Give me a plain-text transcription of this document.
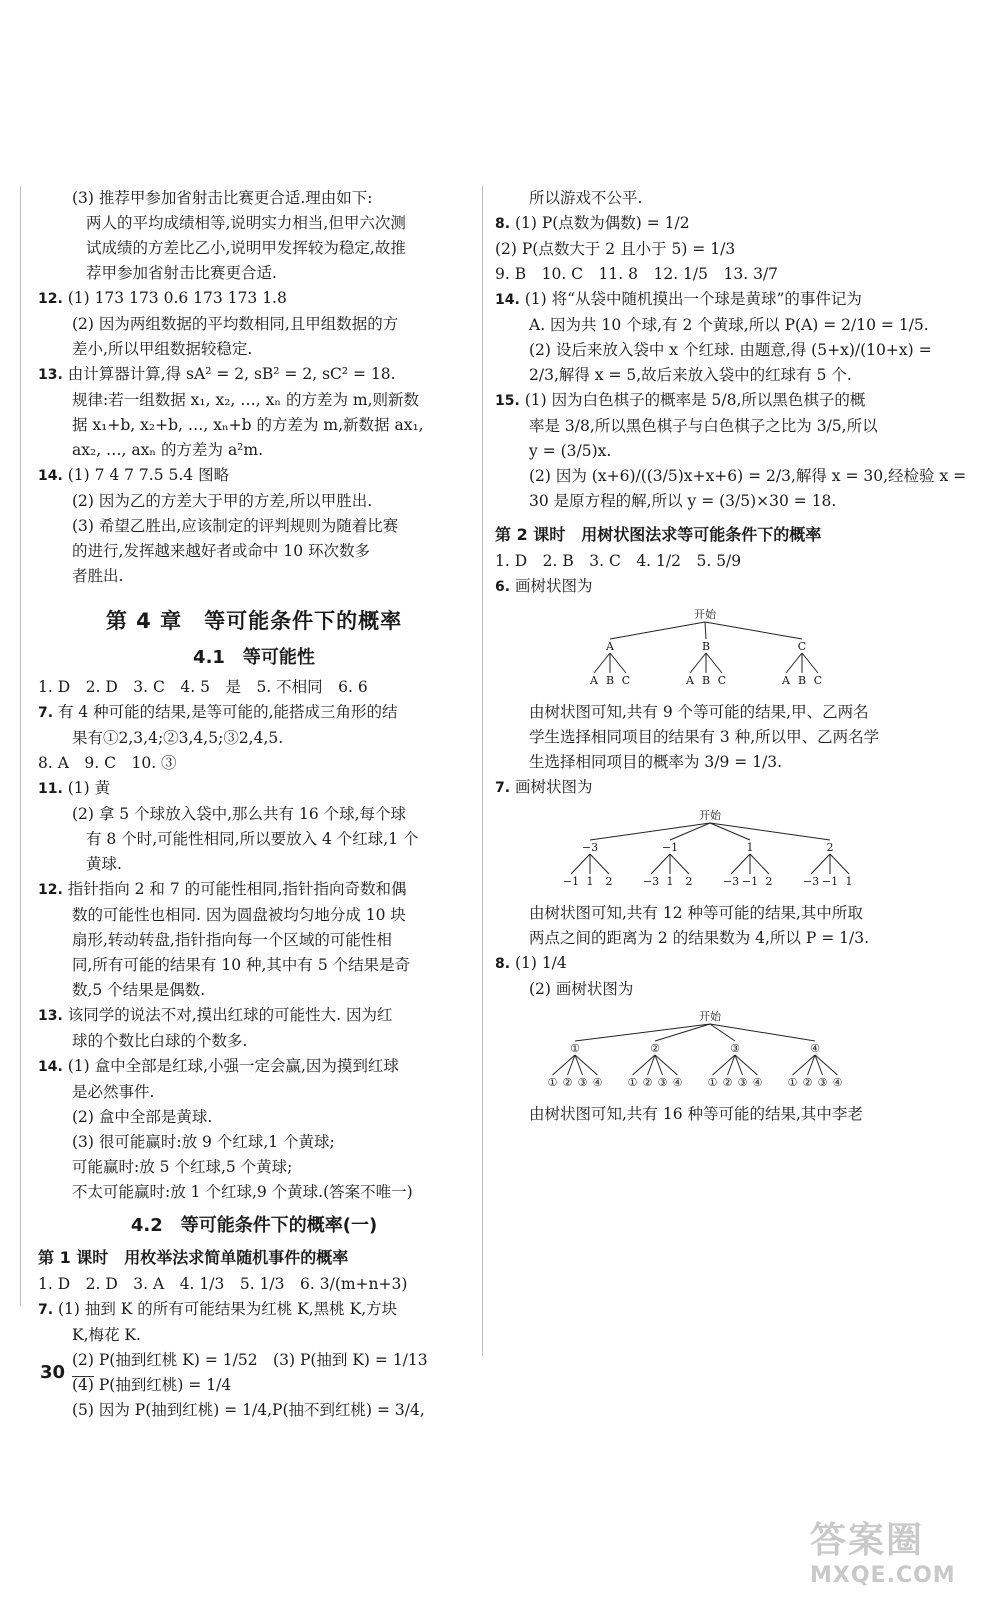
(3) 推荐甲参加省射击比赛更合适.理由如下:
两人的平均成绩相等,说明实力相当,但甲六次测
试成绩的方差比乙小,说明甲发挥较为稳定,故推
荐甲参加省射击比赛更合适.
12. (1) 173 173 0.6 173 173 1.8
(2) 因为两组数据的平均数相同,且甲组数据的方
差小,所以甲组数据较稳定.
13. 由计算器计算,得 sA² = 2, sB² = 2, sC² = 18.
规律:若一组数据 x₁, x₂, …, xₙ 的方差为 m,则新数
据 x₁+b, x₂+b, …, xₙ+b 的方差为 m,新数据 ax₁,
ax₂, …, axₙ 的方差为 a²m.
14. (1) 7 4 7 7.5 5.4 图略
(2) 因为乙的方差大于甲的方差,所以甲胜出.
(3) 希望乙胜出,应该制定的评判规则为随着比赛
的进行,发挥越来越好者或命中 10 环次数多
者胜出.
第 4 章　等可能条件下的概率
4.1　等可能性
1. D　2. D　3. C　4. 5　是　5. 不相同　6. 6
7. 有 4 种可能的结果,是等可能的,能搭成三角形的结
果有①2,3,4;②3,4,5;③2,4,5.
8. A　9. C　10. ③
11. (1) 黄
(2) 拿 5 个球放入袋中,那么共有 16 个球,每个球
有 8 个时,可能性相同,所以要放入 4 个红球,1 个
黄球.
12. 指针指向 2 和 7 的可能性相同,指针指向奇数和偶
数的可能性也相同. 因为圆盘被均匀地分成 10 块
扇形,转动转盘,指针指向每一个区域的可能性相
同,所有可能的结果有 10 种,其中有 5 个结果是奇
数,5 个结果是偶数.
13. 该同学的说法不对,摸出红球的可能性大. 因为红
球的个数比白球的个数多.
14. (1) 盒中全部是红球,小强一定会赢,因为摸到红球
是必然事件.
(2) 盒中全部是黄球.
(3) 很可能赢时:放 9 个红球,1 个黄球;
可能赢时:放 5 个红球,5 个黄球;
不太可能赢时:放 1 个红球,9 个黄球.(答案不唯一)
4.2　等可能条件下的概率(一)
第 1 课时　用枚举法求简单随机事件的概率
1. D　2. D　3. A　4. 1/3　5. 1/3　6. 3/(m+n+3)
7. (1) 抽到 K 的所有可能结果为红桃 K,黑桃 K,方块
K,梅花 K.
(2) P(抽到红桃 K) = 1/52　(3) P(抽到 K) = 1/13
(4) P(抽到红桃) = 1/4
(5) 因为 P(抽到红桃) = 1/4,P(抽不到红桃) = 3/4,
所以游戏不公平.
8. (1) P(点数为偶数) = 1/2
(2) P(点数大于 2 且小于 5) = 1/3
9. B　10. C　11. 8　12. 1/5　13. 3/7
14. (1) 将“从袋中随机摸出一个球是黄球”的事件记为
A. 因为共 10 个球,有 2 个黄球,所以 P(A) = 2/10 = 1/5.
(2) 设后来放入袋中 x 个红球. 由题意,得 (5+x)/(10+x) =
2/3,解得 x = 5,故后来放入袋中的红球有 5 个.
15. (1) 因为白色棋子的概率是 5/8,所以黑色棋子的概
率是 3/8,所以黑色棋子与白色棋子之比为 3/5,所以
y = (3/5)x.
(2) 因为 (x+6)/((3/5)x+x+6) = 2/3,解得 x = 30,经检验 x =
30 是原方程的解,所以 y = (3/5)×30 = 18.
第 2 课时　用树状图法求等可能条件下的概率
1. D　2. B　3. C　4. 1/2　5. 5/9
6. 画树状图为
开始
A
A B C
B
A B C
C
A B C
由树状图可知,共有 9 个等可能的结果,甲、乙两名
学生选择相同项目的结果有 3 种,所以甲、乙两名学
生选择相同项目的概率为 3/9 = 1/3.
7. 画树状图为
开始
−3
−1 1 2
−1
−3 1 2
1
−3 −1 2
2
−3 −1 1
由树状图可知,共有 12 种等可能的结果,其中所取
两点之间的距离为 2 的结果数为 4,所以 P = 1/3.
8. (1) 1/4
(2) 画树状图为
开始
①
① ② ③ ④
②
① ② ③ ④
③
① ② ③ ④
④
① ② ③ ④
由树状图可知,共有 16 种等可能的结果,其中李老
30
答案圈
MXQE.COM
